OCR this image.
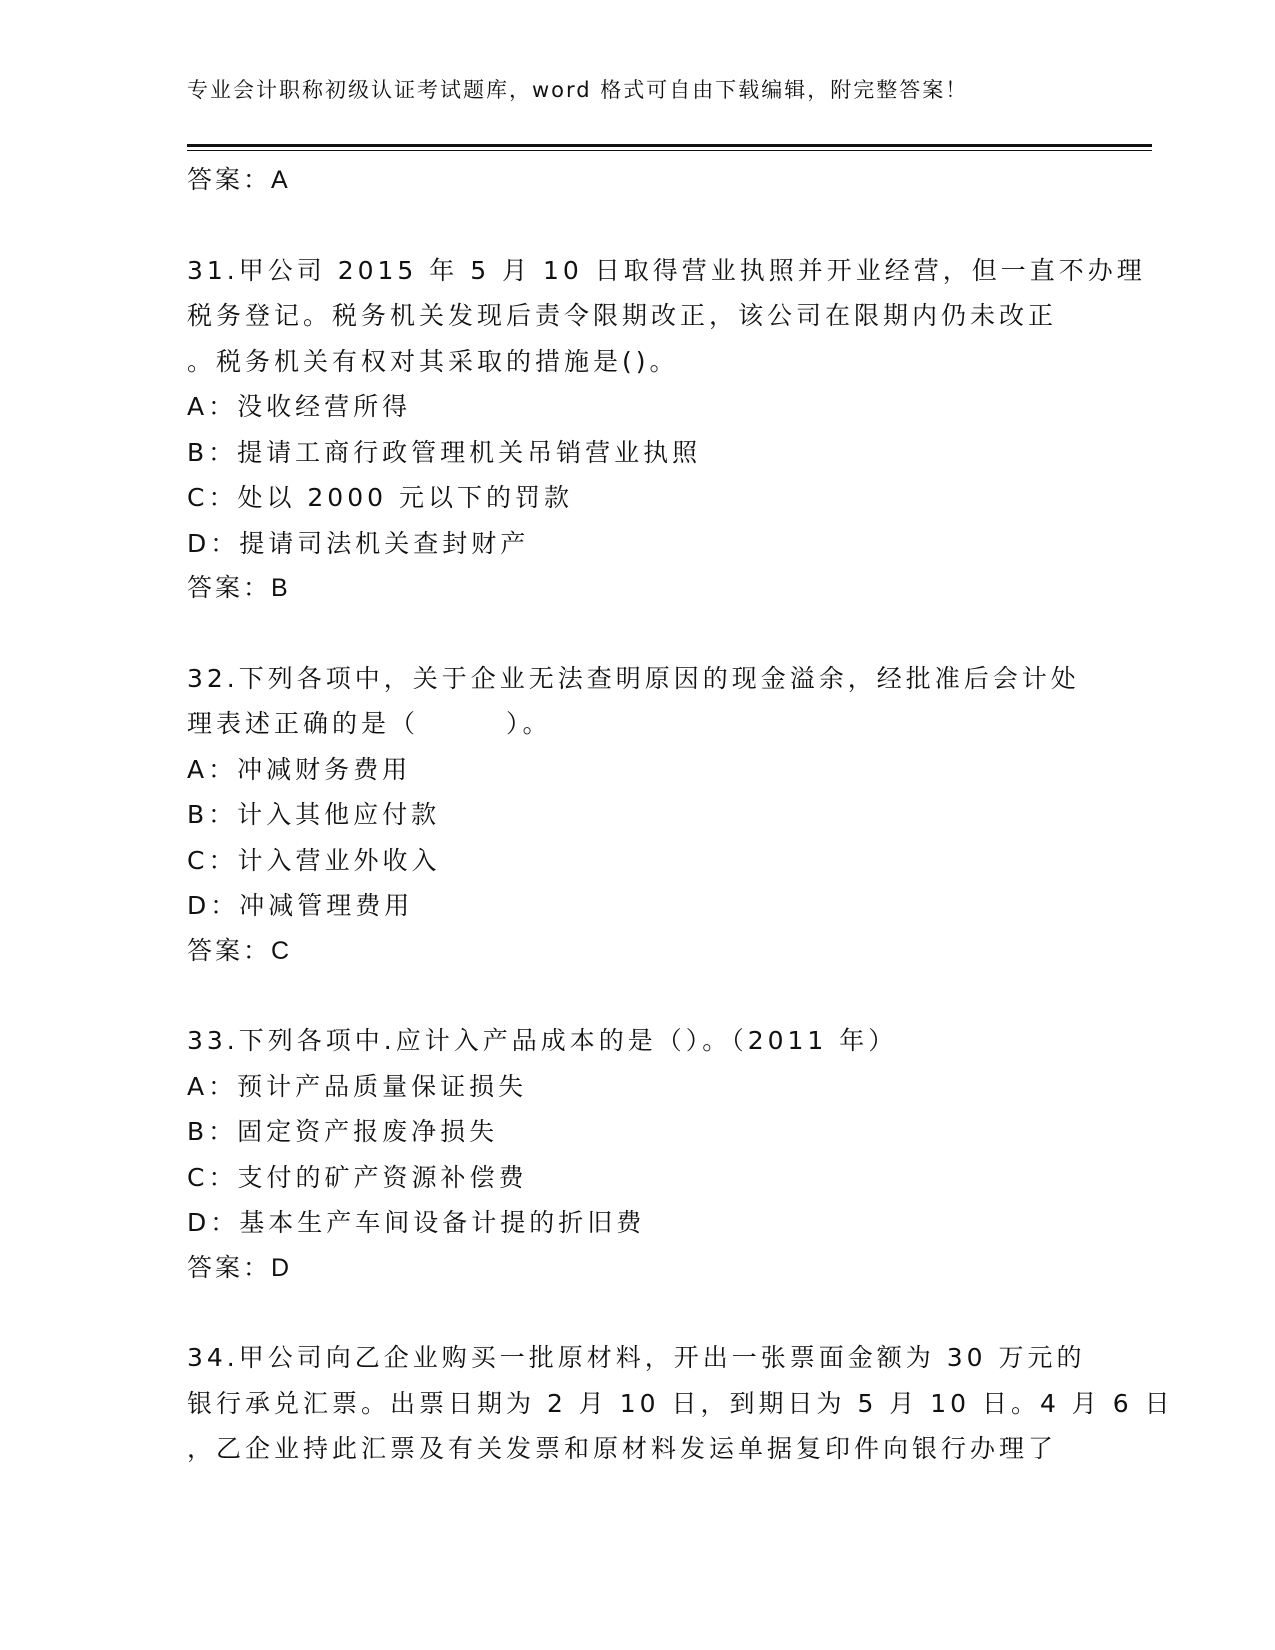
专业会计职称初级认证考试题库，word 格式可自由下载编辑，附完整答案！
答案：A
31.甲公司 2015 年 5 月 10 日取得营业执照并开业经营，但一直不办理
税务登记。税务机关发现后责令限期改正，该公司在限期内仍未改正
。税务机关有权对其采取的措施是()。
A：没收经营所得
B：提请工商行政管理机关吊销营业执照
C：处以 2000 元以下的罚款
D：提请司法机关查封财产
答案：B
32.下列各项中，关于企业无法查明原因的现金溢余，经批准后会计处
理表述正确的是（　　　）。
A：冲减财务费用
B：计入其他应付款
C：计入营业外收入
D：冲减管理费用
答案：C
33.下列各项中.应计入产品成本的是（）。（2011 年）
A：预计产品质量保证损失
B：固定资产报废净损失
C：支付的矿产资源补偿费
D：基本生产车间设备计提的折旧费
答案：D
34.甲公司向乙企业购买一批原材料，开出一张票面金额为 30 万元的
银行承兑汇票。出票日期为 2 月 10 日，到期日为 5 月 10 日。4 月 6 日
，乙企业持此汇票及有关发票和原材料发运单据复印件向银行办理了
